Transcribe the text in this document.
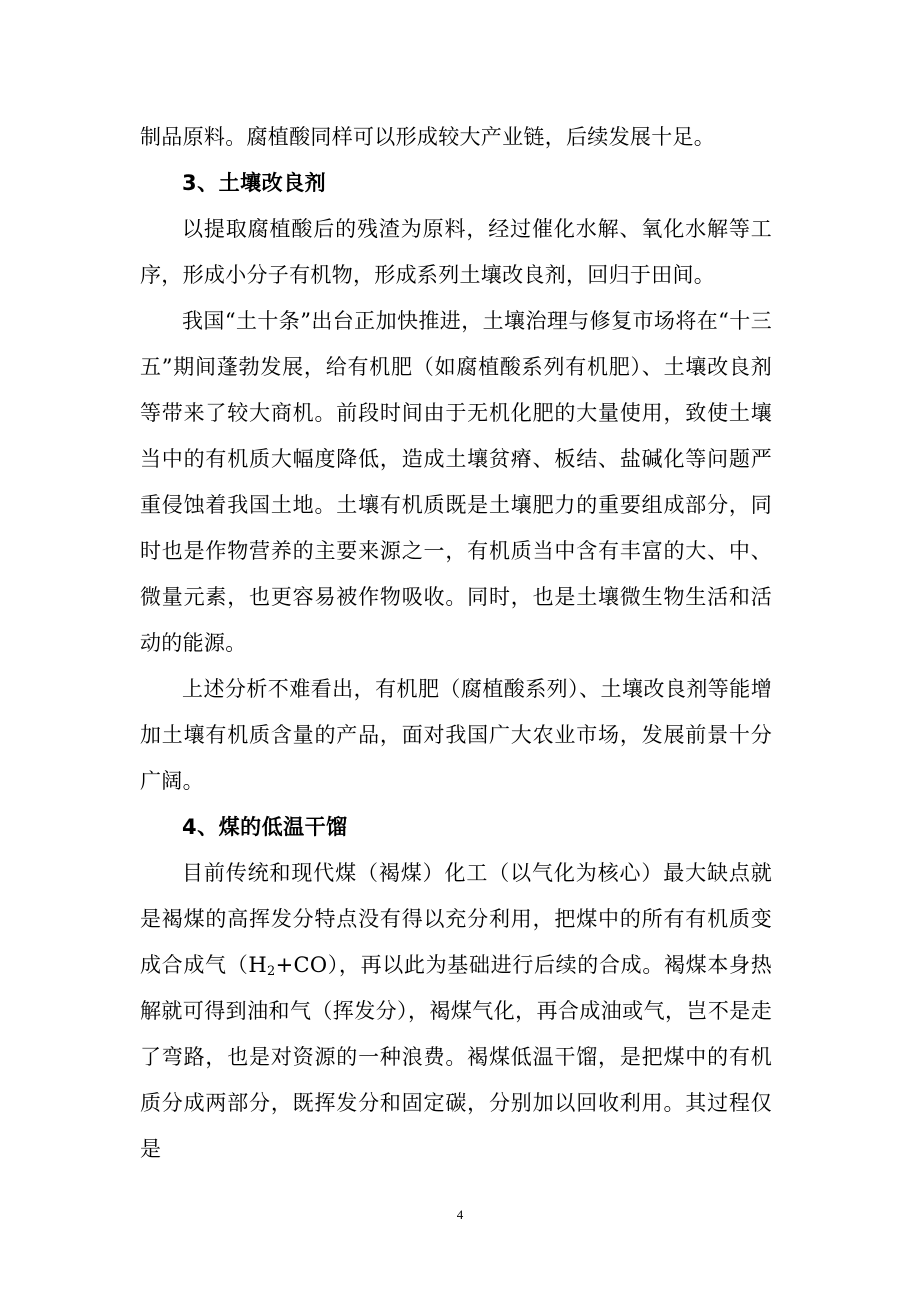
制品原料。腐植酸同样可以形成较大产业链，后续发展十足。

3、土壤改良剂

以提取腐植酸后的残渣为原料，经过催化水解、氧化水解等工序，形成小分子有机物，形成系列土壤改良剂，回归于田间。

我国“土十条”出台正加快推进，土壤治理与修复市场将在“十三五”期间蓬勃发展，给有机肥（如腐植酸系列有机肥）、土壤改良剂等带来了较大商机。前段时间由于无机化肥的大量使用，致使土壤当中的有机质大幅度降低，造成土壤贫瘠、板结、盐碱化等问题严重侵蚀着我国土地。土壤有机质既是土壤肥力的重要组成部分，同时也是作物营养的主要来源之一，有机质当中含有丰富的大、中、微量元素，也更容易被作物吸收。同时，也是土壤微生物生活和活动的能源。

上述分析不难看出，有机肥（腐植酸系列）、土壤改良剂等能增加土壤有机质含量的产品，面对我国广大农业市场，发展前景十分广阔。

4、煤的低温干馏

目前传统和现代煤（褐煤）化工（以气化为核心）最大缺点就是褐煤的高挥发分特点没有得以充分利用，把煤中的所有有机质变成合成气$(H_2+CO)$，再以此为基础进行后续的合成。褐煤本身热解就可得到油和气（挥发分），褐煤气化，再合成油或气，岂不是走了弯路，也是对资源的一种浪费。褐煤低温干馏，是把煤中的有机质分成两部分，既挥发分和固定碳，分别加以回收利用。其过程仅是

4
